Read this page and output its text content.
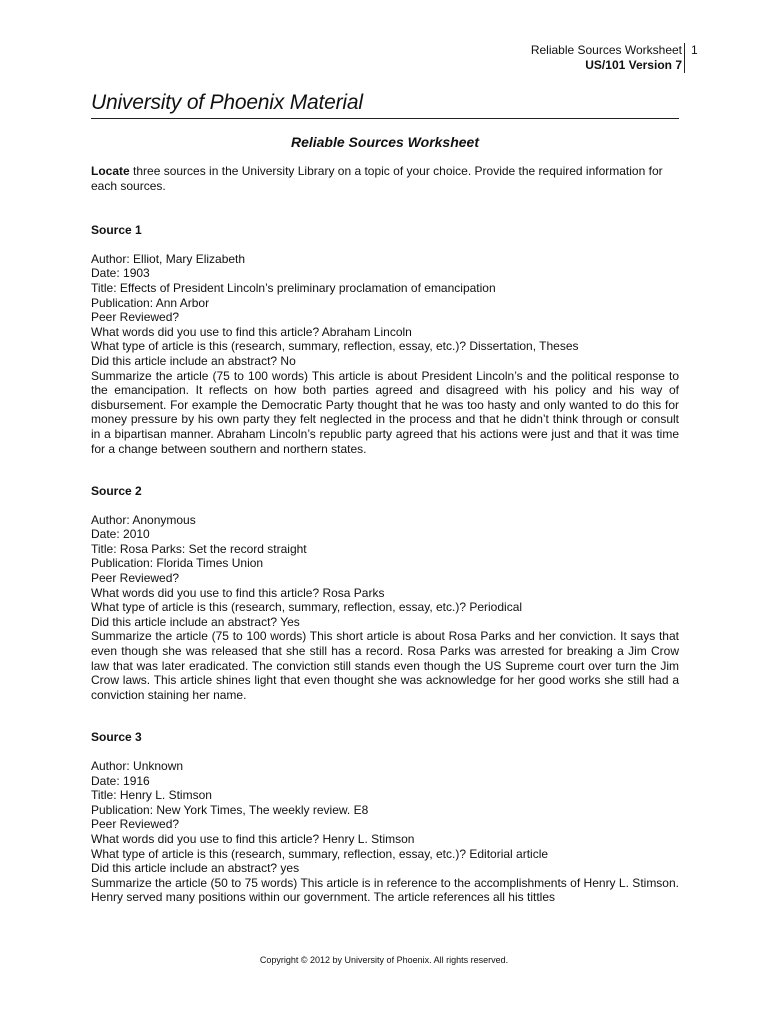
Reliable Sources Worksheet
US/101 Version 7
1
University of Phoenix Material
Reliable Sources Worksheet

Locate three sources in the University Library on a topic of your choice. Provide the required information for each sources.

Source 1

Author: Elliot, Mary Elizabeth

Date: 1903

Title: Effects of President Lincoln’s preliminary proclamation of emancipation

Publication: Ann Arbor

Peer Reviewed?

What words did you use to find this article? Abraham Lincoln

What type of article is this (research, summary, reflection, essay, etc.)? Dissertation, Theses

Did this article include an abstract? No

Summarize the article (75 to 100 words) This article is about President Lincoln’s and the political response to the emancipation. It reflects on how both parties agreed and disagreed with his policy and his way of disbursement. For example the Democratic Party thought that he was too hasty and only wanted to do this for money pressure by his own party they felt neglected in the process and that he didn’t think through or consult in a bipartisan manner. Abraham Lincoln’s republic party agreed that his actions were just and that it was time for a change between southern and northern states.

Source 2

Author: Anonymous

Date: 2010

Title: Rosa Parks: Set the record straight

Publication: Florida Times Union

Peer Reviewed?

What words did you use to find this article? Rosa Parks

What type of article is this (research, summary, reflection, essay, etc.)? Periodical

Did this article include an abstract? Yes

Summarize the article (75 to 100 words) This short article is about Rosa Parks and her conviction. It says that even though she was released that she still has a record. Rosa Parks was arrested for breaking a Jim Crow law that was later eradicated. The conviction still stands even though the US Supreme court over turn the Jim Crow laws. This article shines light that even thought she was acknowledge for her good works she still had a conviction staining her name.

Source 3

Author: Unknown

Date: 1916

Title: Henry L. Stimson

Publication: New York Times, The weekly review. E8

Peer Reviewed?

What words did you use to find this article? Henry L. Stimson

What type of article is this (research, summary, reflection, essay, etc.)? Editorial article

Did this article include an abstract? yes

Summarize the article (50 to 75 words) This article is in reference to the accomplishments of Henry L. Stimson. Henry served many positions within our government. The article references all his tittles

Copyright © 2012 by University of Phoenix. All rights reserved.
